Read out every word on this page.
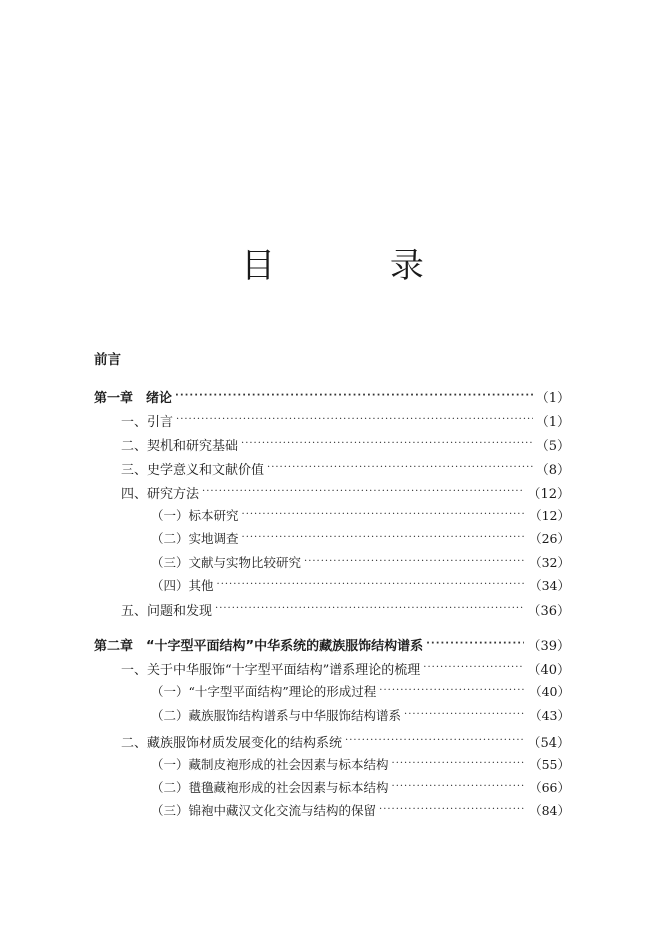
目 录
前言
第一章　绪论 ·····	（1）
一、引言 ·····	（1）
二、契机和研究基础 ·····	（5）
三、史学意义和文献价值 ·····	（8）
四、研究方法 ·····	（12）
（一）标本研究 ·····	（12）
（二）实地调查 ·····	（26）
（三）文献与实物比较研究 ·····	（32）
（四）其他 ·····	（34）
五、问题和发现 ·····	（36）
第二章　“十字型平面结构”中华系统的藏族服饰结构谱系 ·····	（39）
一、关于中华服饰“十字型平面结构”谱系理论的梳理 ·····	（40）
（一）“十字型平面结构”理论的形成过程 ·····	（40）
（二）藏族服饰结构谱系与中华服饰结构谱系 ·····	（43）
二、藏族服饰材质发展变化的结构系统 ·····	（54）
（一）藏制皮袍形成的社会因素与标本结构 ·····	（55）
（二）氆氇藏袍形成的社会因素与标本结构 ·····	（66）
（三）锦袍中藏汉文化交流与结构的保留 ·····	（84）
